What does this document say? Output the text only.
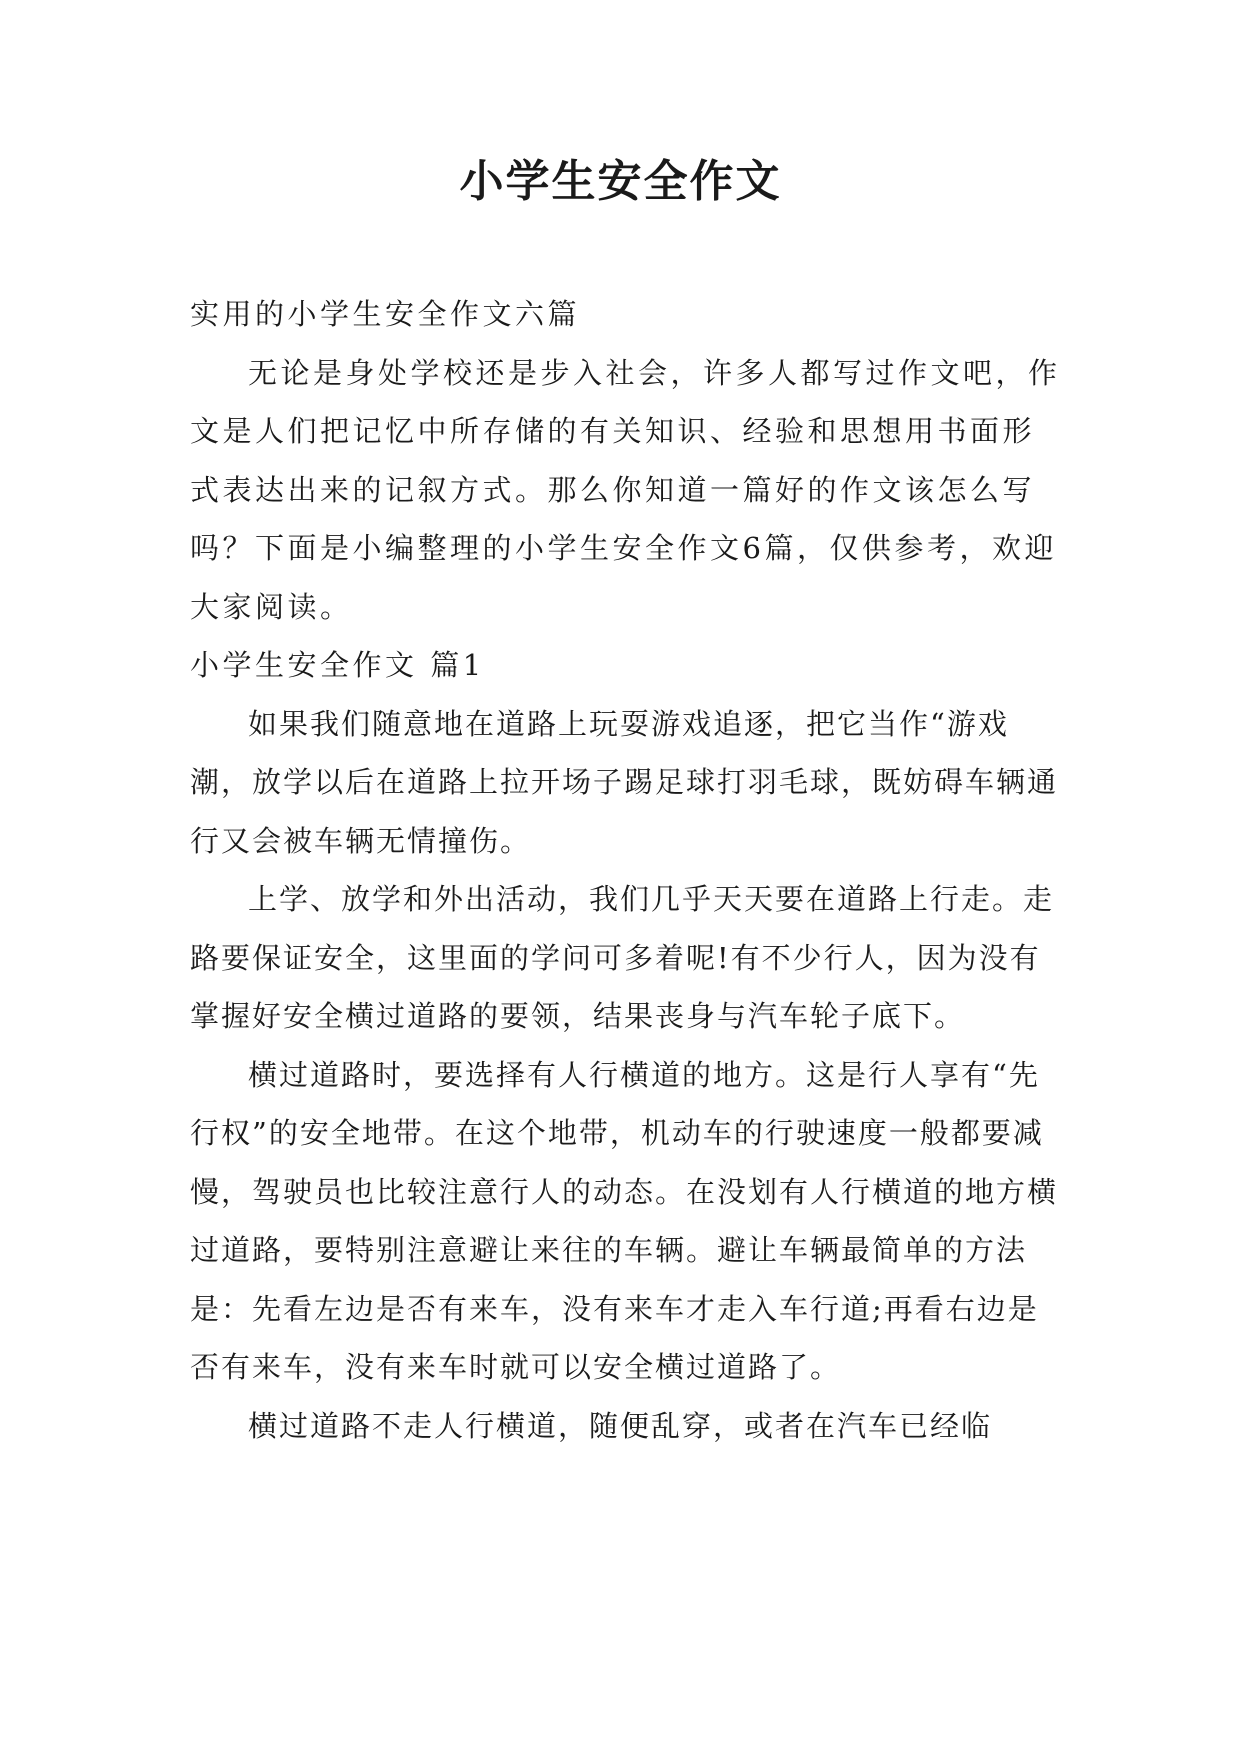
小学生安全作文

实用的小学生安全作文六篇

无论是身处学校还是步入社会，许多人都写过作文吧，作文是人们把记忆中所存储的有关知识、经验和思想用书面形式表达出来的记叙方式。那么你知道一篇好的作文该怎么写吗？下面是小编整理的小学生安全作文6篇，仅供参考，欢迎大家阅读。

小学生安全作文 篇1

如果我们随意地在道路上玩耍游戏追逐，把它当作“游戏潮，放学以后在道路上拉开场子踢足球打羽毛球，既妨碍车辆通行又会被车辆无情撞伤。

上学、放学和外出活动，我们几乎天天要在道路上行走。走路要保证安全，这里面的学问可多着呢!有不少行人，因为没有掌握好安全横过道路的要领，结果丧身与汽车轮子底下。

横过道路时，要选择有人行横道的地方。这是行人享有“先行权”的安全地带。在这个地带，机动车的行驶速度一般都要减慢，驾驶员也比较注意行人的动态。在没划有人行横道的地方横过道路，要特别注意避让来往的车辆。避让车辆最简单的方法是：先看左边是否有来车，没有来车才走入车行道;再看右边是否有来车，没有来车时就可以安全横过道路了。

横过道路不走人行横道，随便乱穿，或者在汽车已经临
